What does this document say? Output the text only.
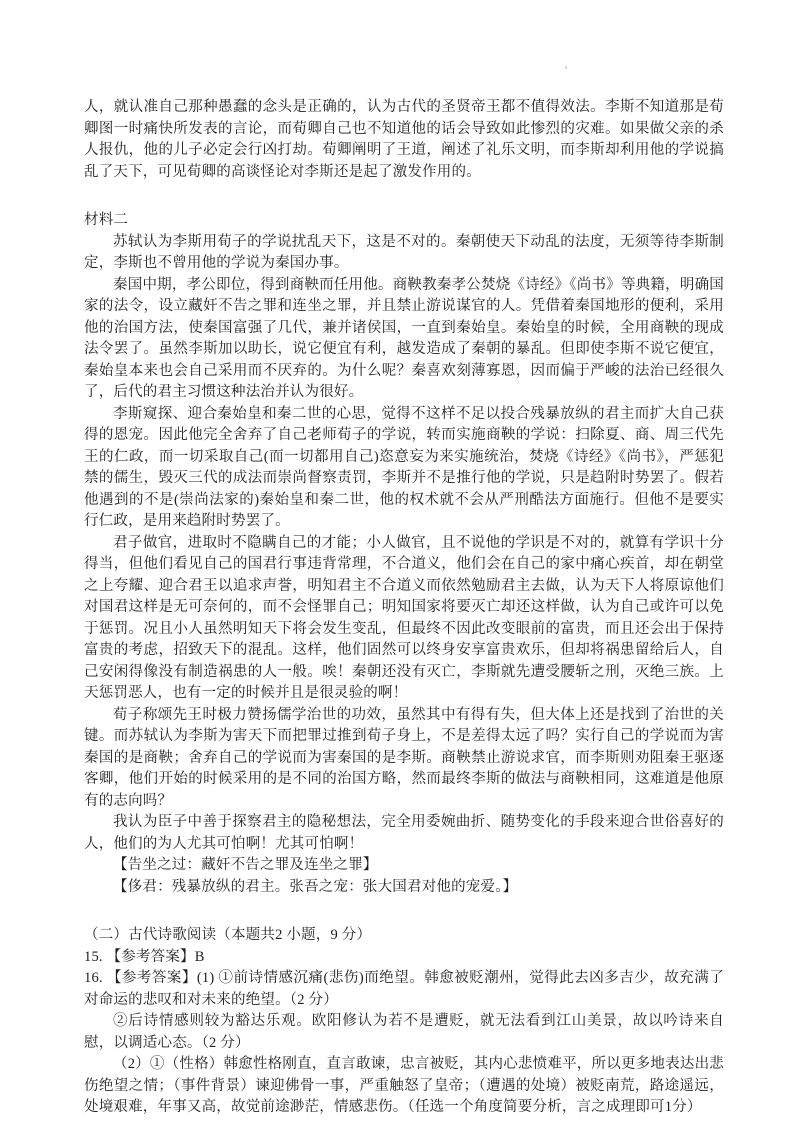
人，就认准自己那种愚蠢的念头是正确的，认为古代的圣贤帝王都不值得效法。李斯不知道那是荀卿图一时痛快所发表的言论，而荀卿自己也不知道他的话会导致如此惨烈的灾难。如果做父亲的杀人报仇，他的儿子必定会行凶打劫。荀卿阐明了王道，阐述了礼乐文明，而李斯却利用他的学说搞乱了天下，可见荀卿的高谈怪论对李斯还是起了激发作用的。

材料二

苏轼认为李斯用荀子的学说扰乱天下，这是不对的。秦朝使天下动乱的法度，无须等待李斯制定，李斯也不曾用他的学说为秦国办事。

秦国中期，孝公即位，得到商鞅而任用他。商鞅教秦孝公焚烧《诗经》《尚书》等典籍，明确国家的法令，设立藏奸不告之罪和连坐之罪，并且禁止游说谋官的人。凭借着秦国地形的便利，采用他的治国方法，使秦国富强了几代，兼并诸侯国，一直到秦始皇。秦始皇的时候，全用商鞅的现成法令罢了。虽然李斯加以助长，说它便宜有利，越发造成了秦朝的暴乱。但即使李斯不说它便宜，秦始皇本来也会自己采用而不厌弃的。为什么呢？秦喜欢刻薄寡恩，因而偏于严峻的法治已经很久了，后代的君主习惯这种法治并认为很好。

李斯窥探、迎合秦始皇和秦二世的心思，觉得不这样不足以投合残暴放纵的君主而扩大自己获得的恩宠。因此他完全舍弃了自己老师荀子的学说，转而实施商鞅的学说：扫除夏、商、周三代先王的仁政，而一切采取自己(而一切都用自己)恣意妄为来实施统治，焚烧《诗经》《尚书》，严惩犯禁的儒生，毁灭三代的成法而崇尚督察责罚，李斯并不是推行他的学说，只是趋附时势罢了。假若他遇到的不是(崇尚法家的)秦始皇和秦二世，他的权术就不会从严刑酷法方面施行。但他不是要实行仁政，是用来趋附时势罢了。

君子做官，进取时不隐瞒自己的才能；小人做官，且不说他的学识是不对的，就算有学识十分得当，但他们看见自己的国君行事违背常理，不合道义，他们会在自己的家中痛心疾首，却在朝堂之上夸耀、迎合君王以追求声誉，明知君主不合道义而依然勉励君主去做，认为天下人将原谅他们对国君这样是无可奈何的，而不会怪罪自己；明知国家将要灭亡却还这样做，认为自己或许可以免于惩罚。况且小人虽然明知天下将会发生变乱，但最终不因此改变眼前的富贵，而且还会出于保持富贵的考虑，招致天下的混乱。这样，他们固然可以终身安享富贵欢乐，但却将祸患留给后人，自己安闲得像没有制造祸患的人一般。唉！秦朝还没有灭亡，李斯就先遭受腰斩之刑，灭绝三族。上天惩罚恶人，也有一定的时候并且是很灵验的啊！

荀子称颂先王时极力赞扬儒学治世的功效，虽然其中有得有失，但大体上还是找到了治世的关键。而苏轼认为李斯为害天下而把罪过推到荀子身上，不是差得太远了吗？实行自己的学说而为害秦国的是商鞅；舍弃自己的学说而为害秦国的是李斯。商鞅禁止游说求官，而李斯则劝阻秦王驱逐客卿，他们开始的时候采用的是不同的治国方略，然而最终李斯的做法与商鞅相同，这难道是他原有的志向吗？

我认为臣子中善于探察君主的隐秘想法，完全用委婉曲折、随势变化的手段来迎合世俗喜好的人，他们的为人尤其可怕啊！尤其可怕啊！

【告坐之过：藏奸不告之罪及连坐之罪】

【侈君：残暴放纵的君主。张吾之宠：张大国君对他的宠爱。】

（二）古代诗歌阅读（本题共2 小题，9 分）

15. 【参考答案】B

16. 【参考答案】(1) ①前诗情感沉痛(悲伤)而绝望。韩愈被贬潮州，觉得此去凶多吉少，故充满了对命运的悲叹和对未来的绝望。（2 分）

②后诗情感则较为豁达乐观。欧阳修认为若不是遭贬，就无法看到江山美景，故以吟诗来自慰，以调适心态。（2 分）

（2）①（性格）韩愈性格刚直，直言敢谏，忠言被贬，其内心悲愤难平，所以更多地表达出悲伤绝望之情；（事件背景）谏迎佛骨一事，严重触怒了皇帝；（遭遇的处境）被贬南荒，路途遥远，处境艰难，年事又高，故觉前途渺茫，情感悲伤。（任选一个角度简要分析，言之成理即可1分）
